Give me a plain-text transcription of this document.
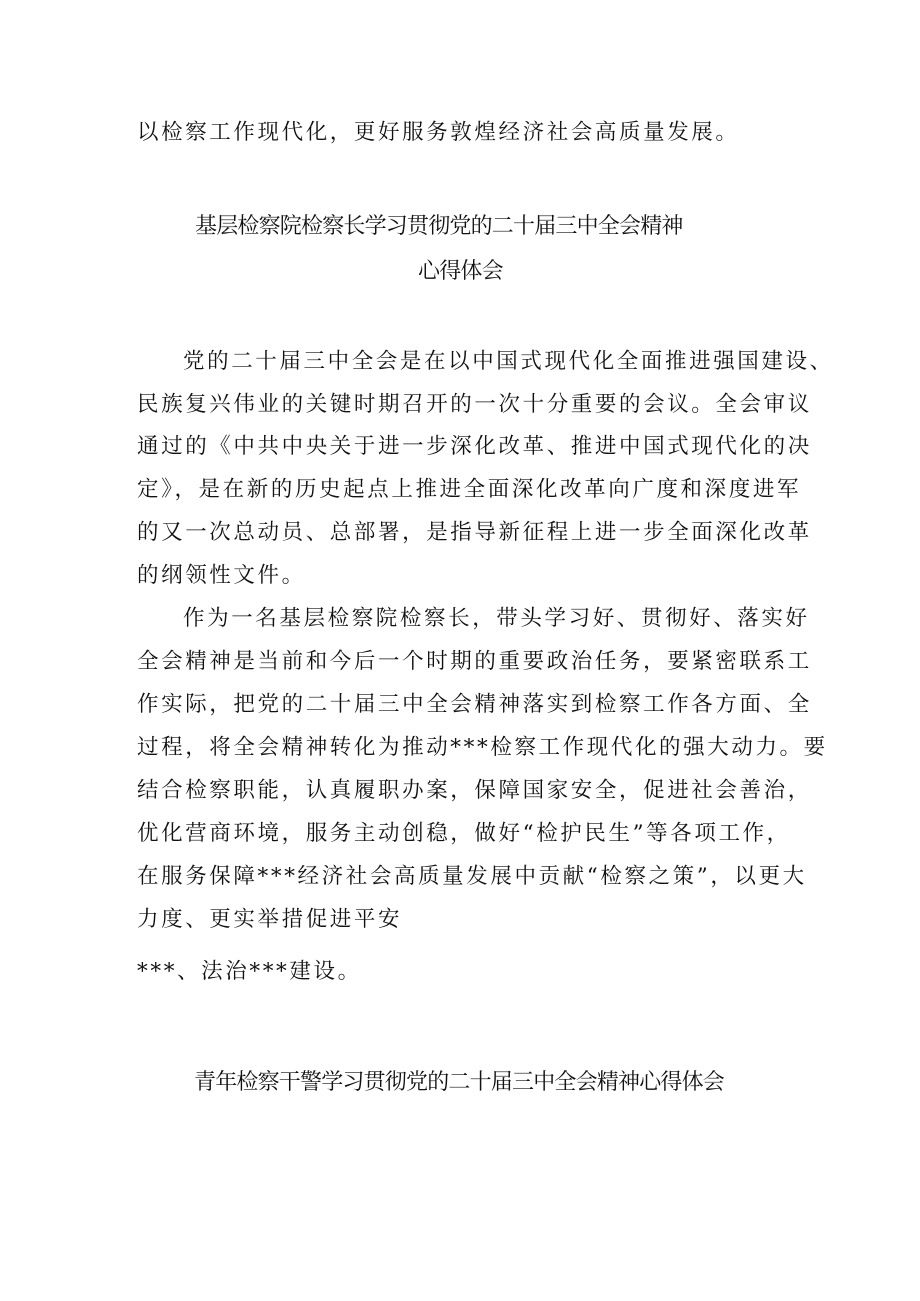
以检察工作现代化，更好服务敦煌经济社会高质量发展。
基层检察院检察长学习贯彻党的二十届三中全会精神
心得体会
党的二十届三中全会是在以中国式现代化全面推进强国建设、
民族复兴伟业的关键时期召开的一次十分重要的会议。全会审议
通过的《中共中央关于进一步深化改革、推进中国式现代化的决
定》，是在新的历史起点上推进全面深化改革向广度和深度进军
的又一次总动员、总部署，是指导新征程上进一步全面深化改革
的纲领性文件。
作为一名基层检察院检察长，带头学习好、贯彻好、落实好
全会精神是当前和今后一个时期的重要政治任务，要紧密联系工
作实际，把党的二十届三中全会精神落实到检察工作各方面、全
过程，将全会精神转化为推动***检察工作现代化的强大动力。要
结合检察职能，认真履职办案，保障国家安全，促进社会善治，
优化营商环境，服务主动创稳，做好“检护民生”等各项工作，
在服务保障***经济社会高质量发展中贡献“检察之策”，以更大
力度、更实举措促进平安
***、法治***建设。
青年检察干警学习贯彻党的二十届三中全会精神心得体会
